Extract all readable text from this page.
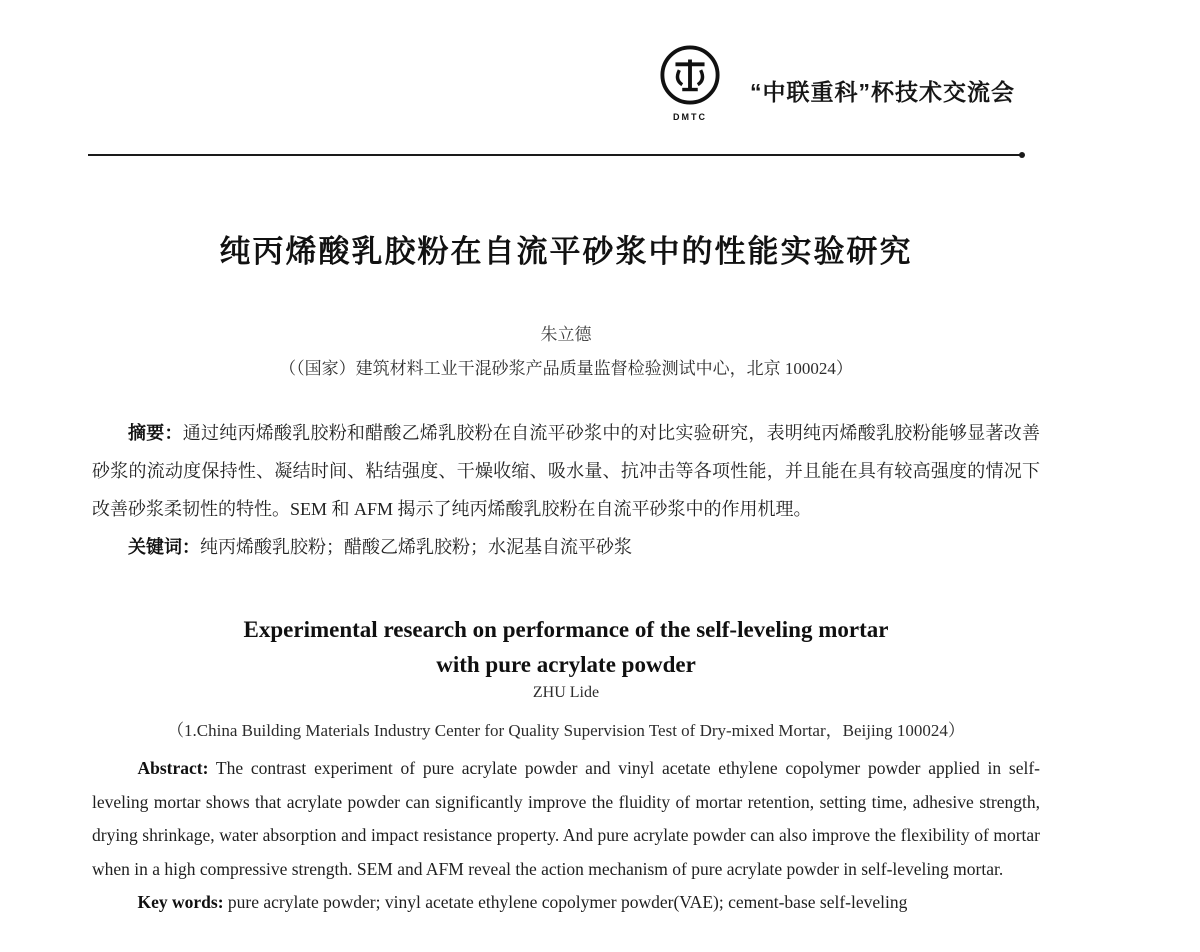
DMTC
“中联重科”杯技术交流会
纯丙烯酸乳胶粉在自流平砂浆中的性能实验研究
朱立德
（（国家）建筑材料工业干混砂浆产品质量监督检验测试中心，北京 100024）

摘要：通过纯丙烯酸乳胶粉和醋酸乙烯乳胶粉在自流平砂浆中的对比实验研究，表明纯丙烯酸乳胶粉能够显著改善砂浆的流动度保持性、凝结时间、粘结强度、干燥收缩、吸水量、抗冲击等各项性能，并且能在具有较高强度的情况下改善砂浆柔韧性的特性。SEM 和 AFM 揭示了纯丙烯酸乳胶粉在自流平砂浆中的作用机理。

关键词：纯丙烯酸乳胶粉；醋酸乙烯乳胶粉；水泥基自流平砂浆

Experimental research on performance of the self-leveling mortar
with pure acrylate powder
ZHU Lide
（1.China Building Materials Industry Center for Quality Supervision Test of Dry-mixed Mortar，Beijing 100024）

Abstract: The contrast experiment of pure acrylate powder and vinyl acetate ethylene copolymer powder applied in self-leveling mortar shows that acrylate powder can significantly improve the fluidity of mortar retention, setting time, adhesive strength, drying shrinkage, water absorption and impact resistance property. And pure acrylate powder can also improve the flexibility of mortar when in a high compressive strength. SEM and AFM reveal the action mechanism of pure acrylate powder in self-leveling mortar.

Key words: pure acrylate powder; vinyl acetate ethylene copolymer powder(VAE); cement-base self-leveling
